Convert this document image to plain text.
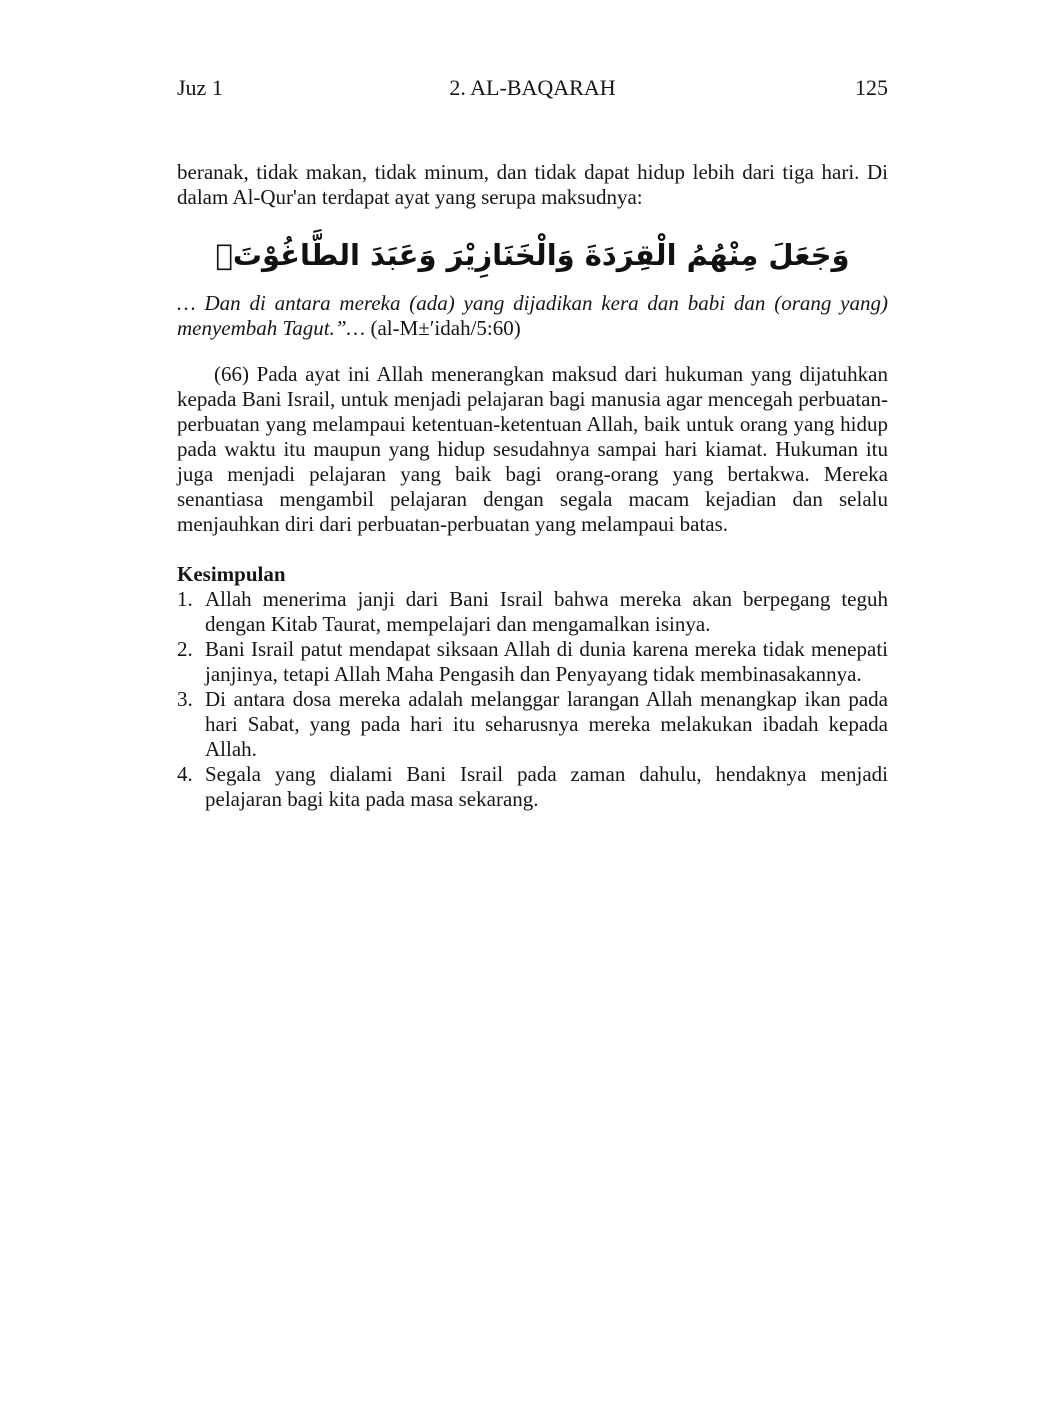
Juz 1	2. AL-BAQARAH	125

beranak, tidak makan, tidak minum, dan tidak dapat hidup lebih dari tiga hari. Di dalam Al-Qur'an terdapat ayat yang serupa maksudnya:

وَجَعَلَ مِنْهُمُ الْقِرَدَةَ وَالْخَنَازِيْرَ وَعَبَدَ الطَّاغُوْتَۘ

… Dan di antara mereka (ada) yang dijadikan kera dan babi dan (orang yang) menyembah Tagut.”… (al-M±′idah/5:60)

(66) Pada ayat ini Allah menerangkan maksud dari hukuman yang dijatuhkan kepada Bani Israil, untuk menjadi pelajaran bagi manusia agar mencegah perbuatan-perbuatan yang melampaui ketentuan-ketentuan Allah, baik untuk orang yang hidup pada waktu itu maupun yang hidup sesudahnya sampai hari kiamat. Hukuman itu juga menjadi pelajaran yang baik bagi orang-orang yang bertakwa. Mereka senantiasa mengambil pelajaran dengan segala macam kejadian dan selalu menjauhkan diri dari perbuatan-perbuatan yang melampaui batas.

Kesimpulan
1. Allah menerima janji dari Bani Israil bahwa mereka akan berpegang teguh dengan Kitab Taurat, mempelajari dan mengamalkan isinya.
2. Bani Israil patut mendapat siksaan Allah di dunia karena mereka tidak menepati janjinya, tetapi Allah Maha Pengasih dan Penyayang tidak membinasakannya.
3. Di antara dosa mereka adalah melanggar larangan Allah menangkap ikan pada hari Sabat, yang pada hari itu seharusnya mereka melakukan ibadah kepada Allah.
4. Segala yang dialami Bani Israil pada zaman dahulu, hendaknya menjadi pelajaran bagi kita pada masa sekarang.
